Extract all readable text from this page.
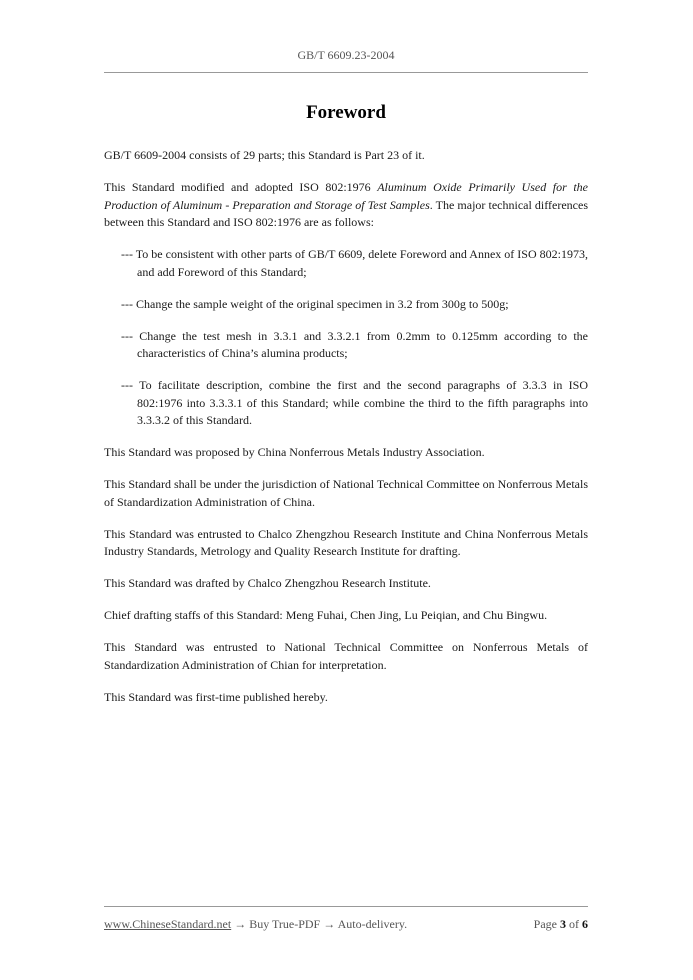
GB/T 6609.23-2004
Foreword

GB/T 6609-2004 consists of 29 parts; this Standard is Part 23 of it.

This Standard modified and adopted ISO 802:1976 Aluminum Oxide Primarily Used for the Production of Aluminum - Preparation and Storage of Test Samples. The major technical differences between this Standard and ISO 802:1976 are as follows:

--- To be consistent with other parts of GB/T 6609, delete Foreword and Annex of ISO 802:1973, and add Foreword of this Standard;

--- Change the sample weight of the original specimen in 3.2 from 300g to 500g;

--- Change the test mesh in 3.3.1 and 3.3.2.1 from 0.2mm to 0.125mm according to the characteristics of China’s alumina products;

--- To facilitate description, combine the first and the second paragraphs of 3.3.3 in ISO 802:1976 into 3.3.3.1 of this Standard; while combine the third to the fifth paragraphs into 3.3.3.2 of this Standard.

This Standard was proposed by China Nonferrous Metals Industry Association.

This Standard shall be under the jurisdiction of National Technical Committee on Nonferrous Metals of Standardization Administration of China.

This Standard was entrusted to Chalco Zhengzhou Research Institute and China Nonferrous Metals Industry Standards, Metrology and Quality Research Institute for drafting.

This Standard was drafted by Chalco Zhengzhou Research Institute.

Chief drafting staffs of this Standard: Meng Fuhai, Chen Jing, Lu Peiqian, and Chu Bingwu.

This Standard was entrusted to National Technical Committee on Nonferrous Metals of Standardization Administration of Chian for interpretation.

This Standard was first-time published hereby.

www.ChineseStandard.net → Buy True-PDF → Auto-delivery.	Page 3 of 6
